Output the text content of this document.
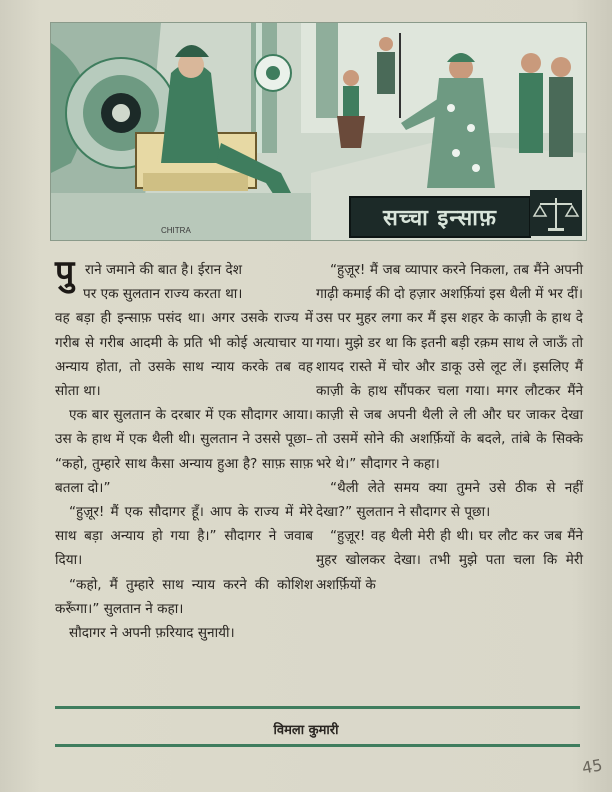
CHITRA	सच्चा इन्साफ़

पु राने जमाने की बात है। ईरान देश
पर एक सुलतान राज्य करता था।
वह बड़ा ही इन्साफ़ पसंद था। अगर उसके राज्य में गरीब से गरीब आदमी के प्रति भी कोई अत्याचार या अन्याय होता, तो उसके साथ न्याय करके तब वह सोता था।

एक बार सुलतान के दरबार में एक सौदागर आया। उस के हाथ में एक थैली थी। सुलतान ने उससे पूछा– “कहो, तुम्हारे साथ कैसा अन्याय हुआ है? साफ़ साफ़ बतला दो।”

“हुज़ूर! मैं एक सौदागर हूँ। आप के राज्य में मेरे साथ बड़ा अन्याय हो गया है।” सौदागर ने जवाब दिया।

“कहो, मैं तुम्हारे साथ न्याय करने की कोशिश करूँगा।” सुलतान ने कहा।

सौदागर ने अपनी फ़रियाद सुनायी।

“हुज़ूर! मैं जब व्यापार करने निकला, तब मैंने अपनी गाढ़ी कमाई की दो हज़ार अशर्फ़ियां इस थैली में भर दीं। उस पर मुहर लगा कर मैं इस शहर के काज़ी के हाथ दे गया। मुझे डर था कि इतनी बड़ी रक़म साथ ले जाऊँ तो शायद रास्ते में चोर और डाकू उसे लूट लें। इसलिए मैं काज़ी के हाथ सौंपकर चला गया। मगर लौटकर मैंने काज़ी से जब अपनी थैली ले ली और घर जाकर देखा तो उसमें सोने की अशर्फ़ियों के बदले, तांबे के सिक्के भरे थे।” सौदागर ने कहा।

“थैली लेते समय क्या तुमने उसे ठीक से नहीं देखा?” सुलतान ने सौदागर से पूछा।

“हुज़ूर! वह थैली मेरी ही थी। घर लौट कर जब मैंने मुहर खोलकर देखा। तभी मुझे पता चला कि मेरी अशर्फ़ियों के

विमला कुमारी
45
